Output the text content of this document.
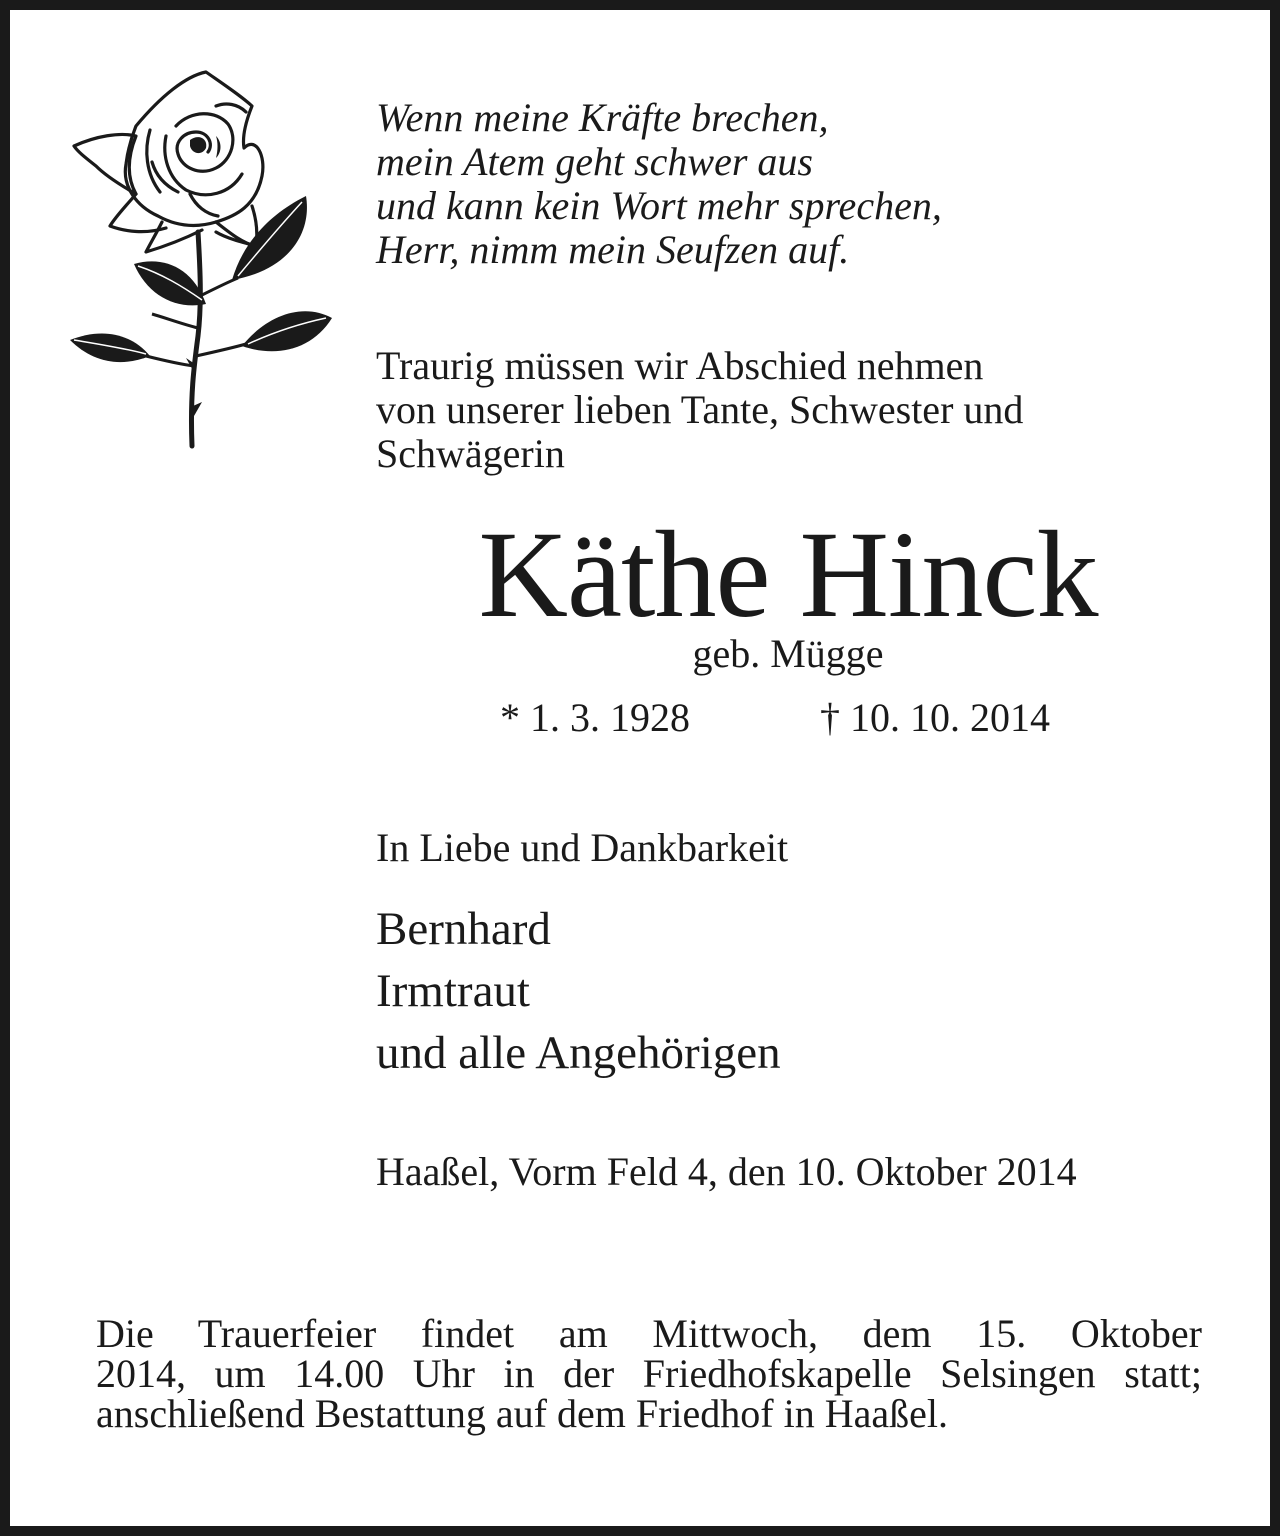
Wenn meine Kräfte brechen,
mein Atem geht schwer aus
und kann kein Wort mehr sprechen,
Herr, nimm mein Seufzen auf.
Traurig müssen wir Abschied nehmen
von unserer lieben Tante, Schwester und
Schwägerin
Käthe Hinck
geb. Mügge
* 1. 3. 1928	† 10. 10. 2014
In Liebe und Dankbarkeit
Bernhard
Irmtraut
und alle Angehörigen
Haaßel, Vorm Feld 4, den 10. Oktober 2014
Die Trauerfeier findet am Mittwoch, dem 15. Oktober
2014, um 14.00 Uhr in der Friedhofskapelle Selsingen statt;
anschließend Bestattung auf dem Friedhof in Haaßel.
